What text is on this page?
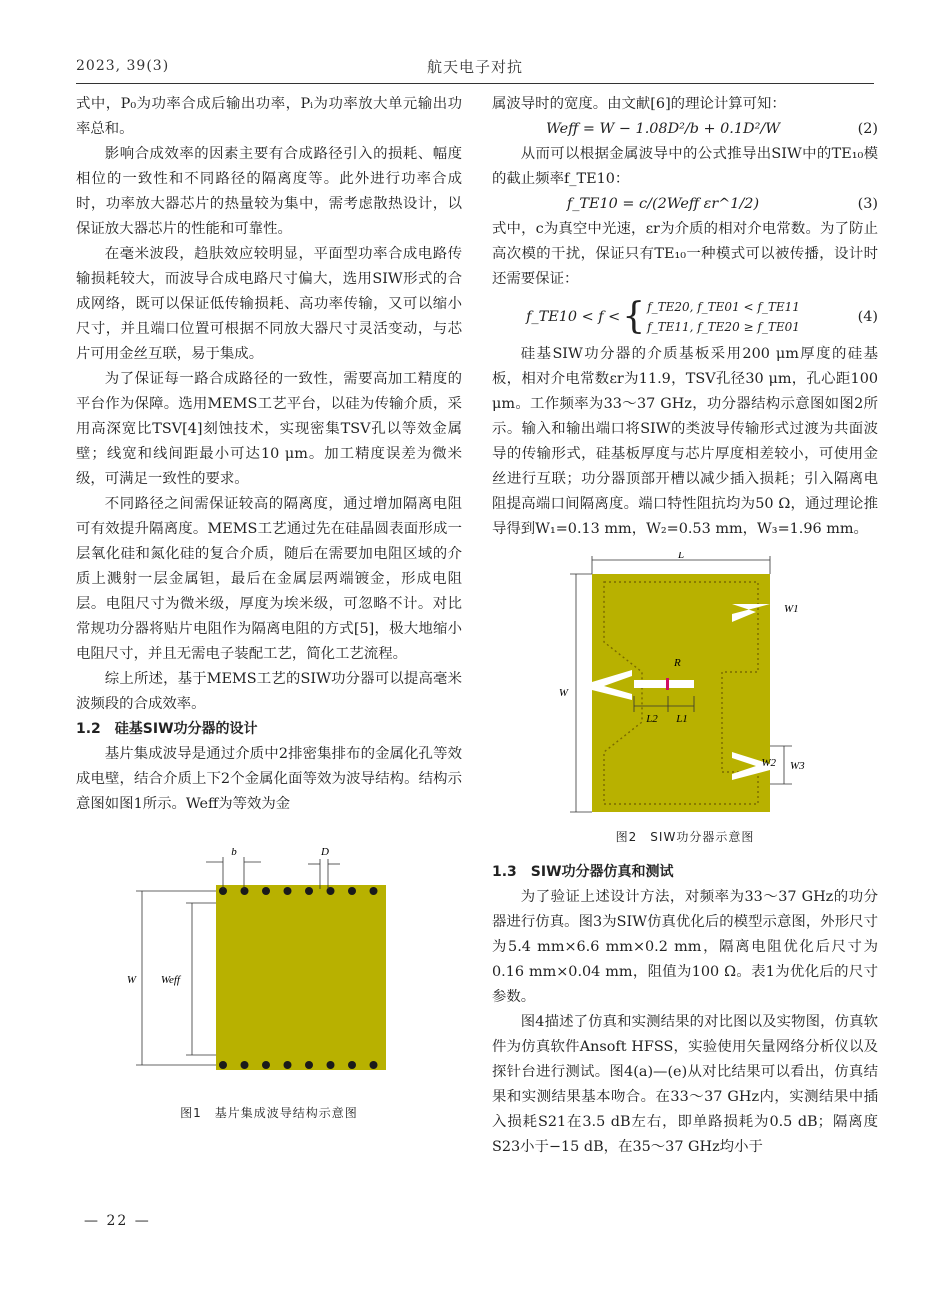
2023, 39(3)	航天电子对抗

式中，P₀为功率合成后输出功率，Pᵢ为功率放大单元输出功率总和。

影响合成效率的因素主要有合成路径引入的损耗、幅度相位的一致性和不同路径的隔离度等。此外进行功率合成时，功率放大器芯片的热量较为集中，需考虑散热设计，以保证放大器芯片的性能和可靠性。

在毫米波段，趋肤效应较明显，平面型功率合成电路传输损耗较大，而波导合成电路尺寸偏大，选用SIW形式的合成网络，既可以保证低传输损耗、高功率传输，又可以缩小尺寸，并且端口位置可根据不同放大器尺寸灵活变动，与芯片可用金丝互联，易于集成。

为了保证每一路合成路径的一致性，需要高加工精度的平台作为保障。选用MEMS工艺平台，以硅为传输介质，采用高深宽比TSV[4]刻蚀技术，实现密集TSV孔以等效金属壁；线宽和线间距最小可达10 μm。加工精度误差为微米级，可满足一致性的要求。

不同路径之间需保证较高的隔离度，通过增加隔离电阻可有效提升隔离度。MEMS工艺通过先在硅晶圆表面形成一层氧化硅和氮化硅的复合介质，随后在需要加电阻区域的介质上溅射一层金属钽，最后在金属层两端镀金，形成电阻层。电阻尺寸为微米级，厚度为埃米级，可忽略不计。对比常规功分器将贴片电阻作为隔离电阻的方式[5]，极大地缩小电阻尺寸，并且无需电子装配工艺，简化工艺流程。

综上所述，基于MEMS工艺的SIW功分器可以提高毫米波频段的合成效率。

1.2　硅基SIW功分器的设计

基片集成波导是通过介质中2排密集排布的金属化孔等效成电壁，结合介质上下2个金属化面等效为波导结构。结构示意图如图1所示。Weff为等效为金

b	D
W Weff
图1　基片集成波导结构示意图

属波导时的宽度。由文献[6]的理论计算可知：

Weff = W − 1.08D²/b + 0.1D²/W	(2)

从而可以根据金属波导中的公式推导出SIW中的TE₁₀模的截止频率f_TE10：

f_TE10 = c/(2Weff εr^1/2)	(3)

式中，c为真空中光速，εr为介质的相对介电常数。为了防止高次模的干扰，保证只有TE₁₀一种模式可以被传播，设计时还需要保证：

f_TE10 < f < { f_TE20, f_TE01 < f_TE11
f_TE11, f_TE20 ≥ f_TE01
(4)

硅基SIW功分器的介质基板采用200 μm厚度的硅基板，相对介电常数εr为11.9，TSV孔径30 μm，孔心距100 μm。工作频率为33～37 GHz，功分器结构示意图如图2所示。输入和输出端口将SIW的类波导传输形式过渡为共面波导的传输形式，硅基板厚度与芯片厚度相差较小，可使用金丝进行互联；功分器顶部开槽以减少插入损耗；引入隔离电阻提高端口间隔离度。端口特性阻抗均为50 Ω，通过理论推导得到W₁=0.13 mm，W₂=0.53 mm，W₃=1.96 mm。

L
W
R
L2 L1
W1
W2 W3
图2　SIW功分器示意图
1.3　SIW功分器仿真和测试

为了验证上述设计方法，对频率为33～37 GHz的功分器进行仿真。图3为SIW仿真优化后的模型示意图，外形尺寸为5.4 mm×6.6 mm×0.2 mm，隔离电阻优化后尺寸为0.16 mm×0.04 mm，阻值为100 Ω。表1为优化后的尺寸参数。

图4描述了仿真和实测结果的对比图以及实物图，仿真软件为仿真软件Ansoft HFSS，实验使用矢量网络分析仪以及探针台进行测试。图4(a)—(e)从对比结果可以看出，仿真结果和实测结果基本吻合。在33～37 GHz内，实测结果中插入损耗S21在3.5 dB左右，即单路损耗为0.5 dB；隔离度S23小于−15 dB，在35～37 GHz均小于

— 22 —
